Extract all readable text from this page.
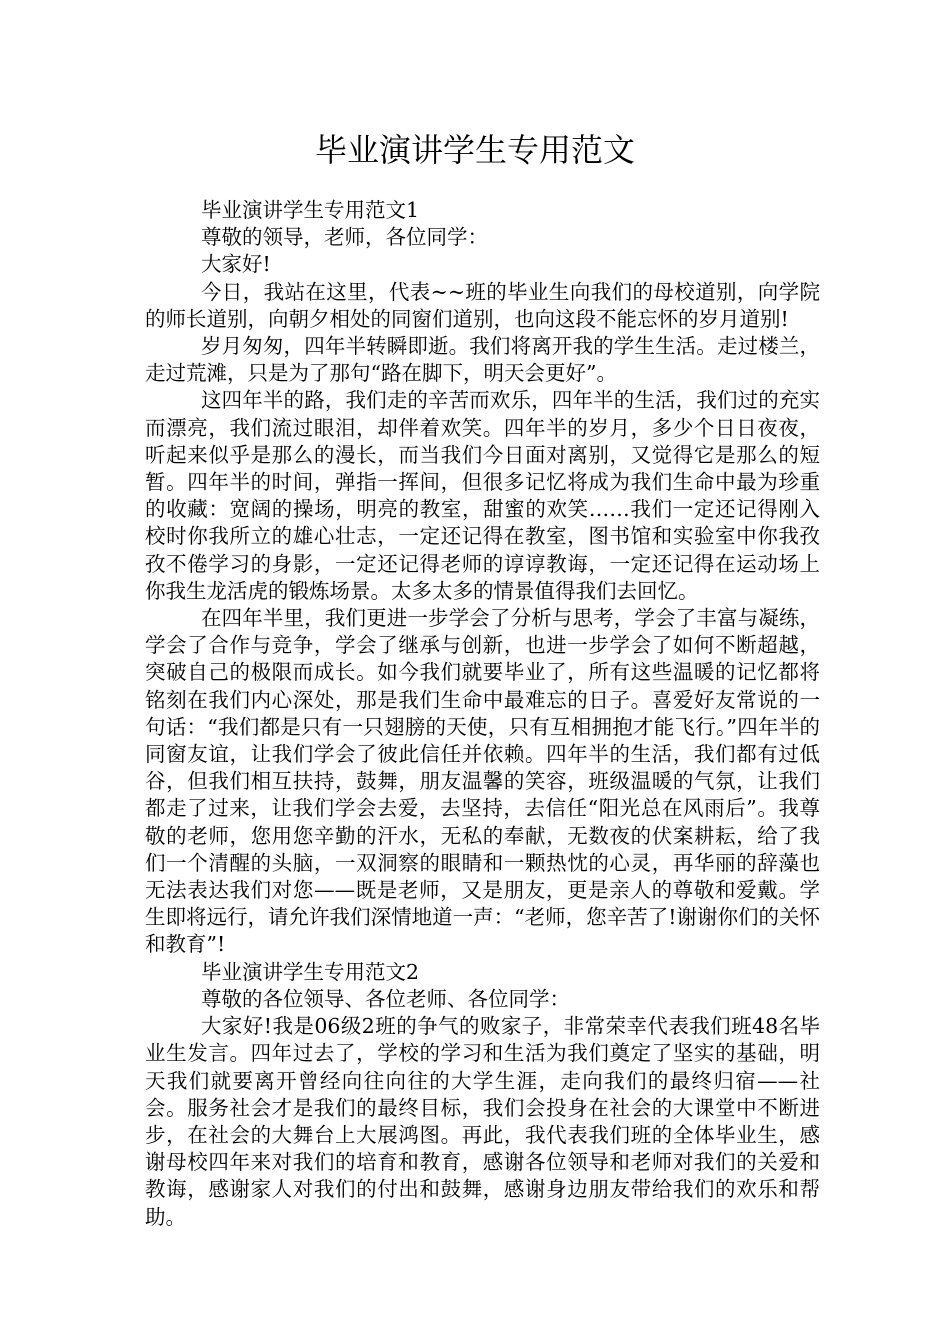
毕业演讲学生专用范文

毕业演讲学生专用范文1

尊敬的领导，老师，各位同学：

大家好!

今日，我站在这里，代表~~班的毕业生向我们的母校道别，向学院的师长道别，向朝夕相处的同窗们道别，也向这段不能忘怀的岁月道别!

岁月匆匆，四年半转瞬即逝。我们将离开我的学生生活。走过楼兰，走过荒滩，只是为了那句“路在脚下，明天会更好”。

这四年半的路，我们走的辛苦而欢乐，四年半的生活，我们过的充实而漂亮，我们流过眼泪，却伴着欢笑。四年半的岁月，多少个日日夜夜，听起来似乎是那么的漫长，而当我们今日面对离别，又觉得它是那么的短暂。四年半的时间，弹指一挥间，但很多记忆将成为我们生命中最为珍重的收藏：宽阔的操场，明亮的教室，甜蜜的欢笑……我们一定还记得刚入校时你我所立的雄心壮志，一定还记得在教室，图书馆和实验室中你我孜孜不倦学习的身影，一定还记得老师的谆谆教诲，一定还记得在运动场上你我生龙活虎的锻炼场景。太多太多的情景值得我们去回忆。

在四年半里，我们更进一步学会了分析与思考，学会了丰富与凝练，学会了合作与竞争，学会了继承与创新，也进一步学会了如何不断超越，突破自己的极限而成长。如今我们就要毕业了，所有这些温暖的记忆都将铭刻在我们内心深处，那是我们生命中最难忘的日子。喜爱好友常说的一句话：“我们都是只有一只翅膀的天使，只有互相拥抱才能飞行。”四年半的同窗友谊，让我们学会了彼此信任并依赖。四年半的生活，我们都有过低谷，但我们相互扶持，鼓舞，朋友温馨的笑容，班级温暖的气氛，让我们都走了过来，让我们学会去爱，去坚持，去信任“阳光总在风雨后”。我尊敬的老师，您用您辛勤的汗水，无私的奉献，无数夜的伏案耕耘，给了我们一个清醒的头脑，一双洞察的眼睛和一颗热忱的心灵，再华丽的辞藻也无法表达我们对您——既是老师，又是朋友，更是亲人的尊敬和爱戴。学生即将远行，请允许我们深情地道一声：“老师，您辛苦了!谢谢你们的关怀和教育”!

毕业演讲学生专用范文2

尊敬的各位领导、各位老师、各位同学：

大家好!我是06级2班的争气的败家子，非常荣幸代表我们班48名毕业生发言。四年过去了，学校的学习和生活为我们奠定了坚实的基础，明天我们就要离开曾经向往向往的大学生涯，走向我们的最终归宿——社会。服务社会才是我们的最终目标，我们会投身在社会的大课堂中不断进步，在社会的大舞台上大展鸿图。再此，我代表我们班的全体毕业生，感谢母校四年来对我们的培育和教育，感谢各位领导和老师对我们的关爱和教诲，感谢家人对我们的付出和鼓舞，感谢身边朋友带给我们的欢乐和帮助。
